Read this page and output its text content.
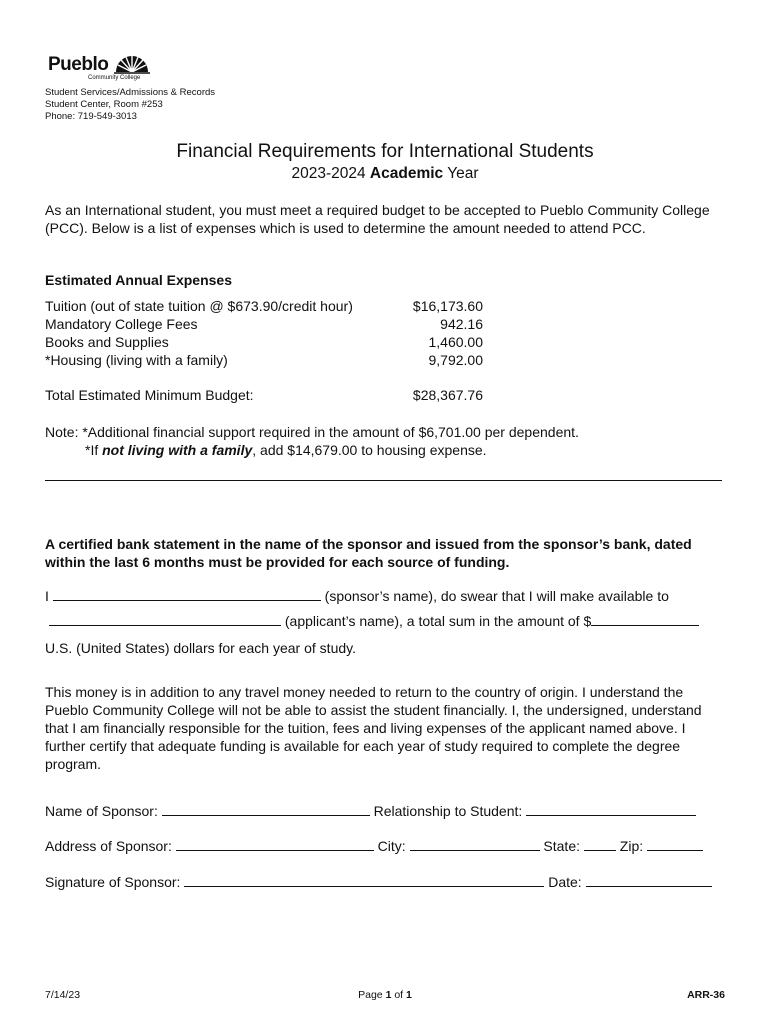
Pueblo
Community College
Student Services/Admissions & Records
Student Center, Room #253
Phone: 719-549-3013
Financial Requirements for International Students
2023-2024 Academic Year
As an International student, you must meet a required budget to be accepted to Pueblo Community College (PCC). Below is a list of expenses which is used to determine the amount needed to attend PCC.
Estimated Annual Expenses
Tuition (out of state tuition @ $673.90/credit hour)	$16,173.60
Mandatory College Fees	942.16
Books and Supplies	1,460.00
*Housing (living with a family)	9,792.00
Total Estimated Minimum Budget:	$28,367.76
Note: *Additional financial support required in the amount of $6,701.00 per dependent.
*If not living with a family, add $14,679.00 to housing expense.
A certified bank statement in the name of the sponsor and issued from the sponsor’s bank, dated within the last 6 months must be provided for each source of funding.
I	(sponsor’s name), do swear that I will make available to
(applicant’s name), a total sum in the amount of $
U.S. (United States) dollars for each year of study.
This money is in addition to any travel money needed to return to the country of origin. I understand the Pueblo Community College will not be able to assist the student financially. I, the undersigned, understand that I am financially responsible for the tuition, fees and living expenses of the applicant named above. I further certify that adequate funding is available for each year of study required to complete the degree program.
Name of Sponsor:	Relationship to Student:
Address of Sponsor:	City:	State:	Zip:
Signature of Sponsor:	Date:
7/14/23	Page 1 of 1	ARR-36
